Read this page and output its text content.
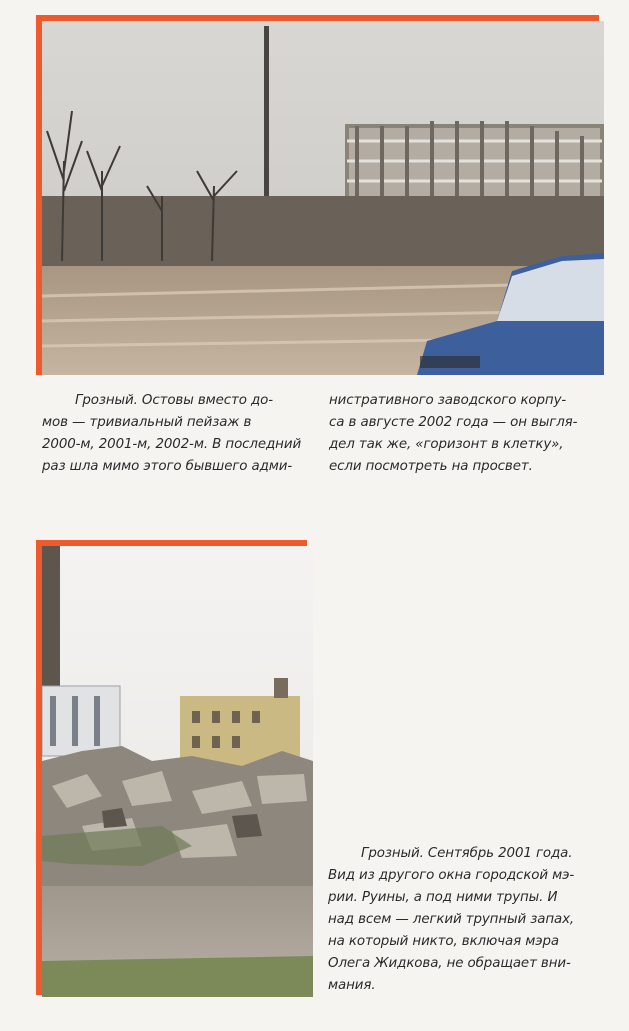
Грозный. Остовы вместо до-
мов — тривиальный пейзаж в
2000-м, 2001-м, 2002-м. В последний
раз шла мимо этого бывшего адми-
нистративного заводского корпу-
са в августе 2002 года — он выгля-
дел так же, «горизонт в клетку»,
если посмотреть на просвет.
Грозный. Сентябрь 2001 года.
Вид из другого окна городской мэ-
рии. Руины, а под ними трупы. И
над всем — легкий трупный запах,
на который никто, включая мэра
Олега Жидкова, не обращает вни-
мания.
